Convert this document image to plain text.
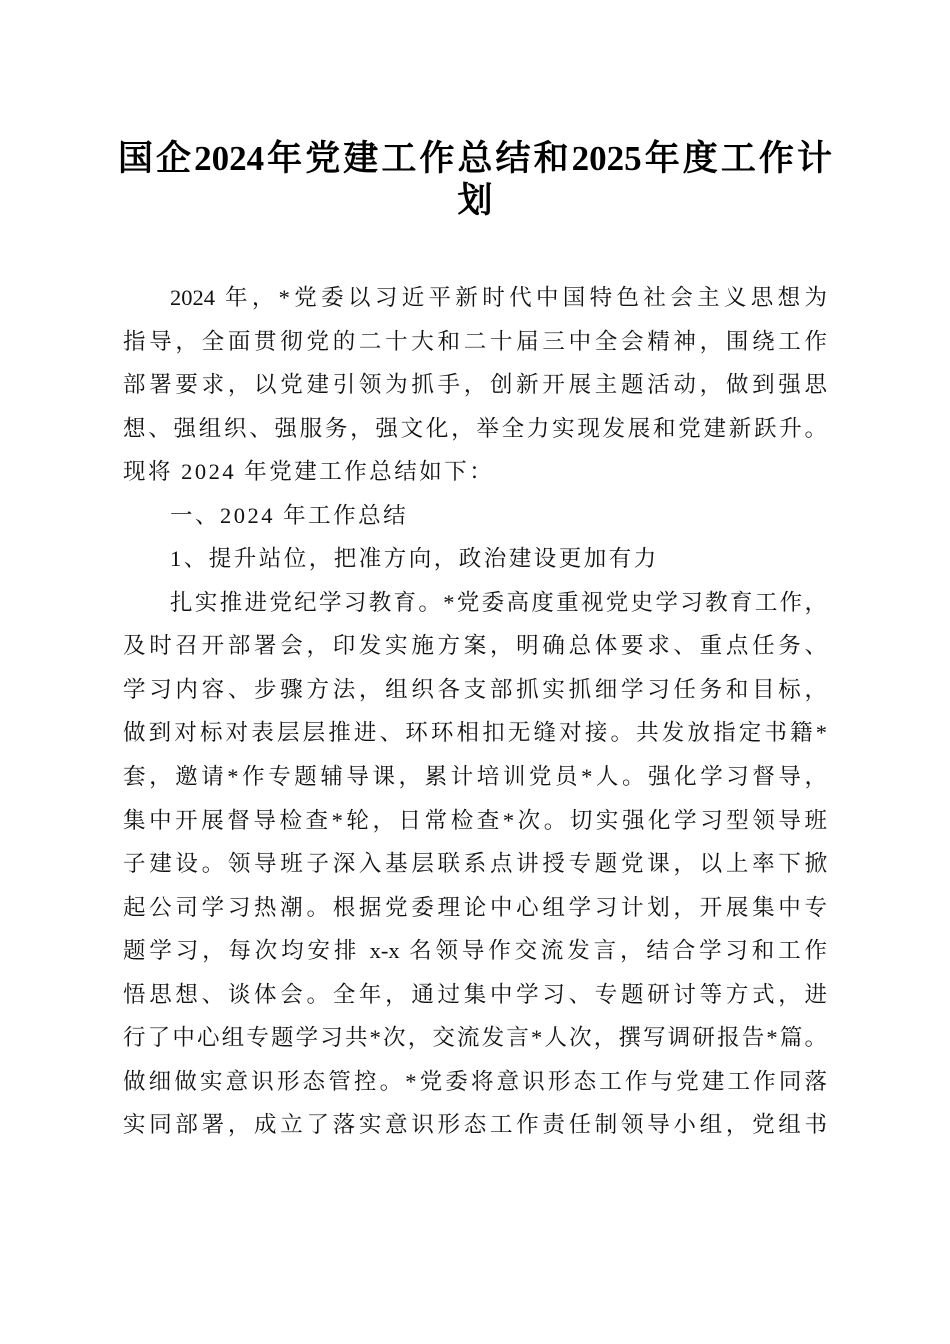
国企2024年党建工作总结和2025年度工作计
划
2024 年，*党委以习近平新时代中国特色社会主义思想为
指导，全面贯彻党的二十大和二十届三中全会精神，围绕工作
部署要求，以党建引领为抓手，创新开展主题活动，做到强思
想、强组织、强服务，强文化，举全力实现发展和党建新跃升。
现将 2024 年党建工作总结如下：
一、2024 年工作总结
1、提升站位，把准方向，政治建设更加有力
扎实推进党纪学习教育。*党委高度重视党史学习教育工作，
及时召开部署会，印发实施方案，明确总体要求、重点任务、
学习内容、步骤方法，组织各支部抓实抓细学习任务和目标，
做到对标对表层层推进、环环相扣无缝对接。共发放指定书籍*
套，邀请*作专题辅导课，累计培训党员*人。强化学习督导，
集中开展督导检查*轮，日常检查*次。切实强化学习型领导班
子建设。领导班子深入基层联系点讲授专题党课，以上率下掀
起公司学习热潮。根据党委理论中心组学习计划，开展集中专
题学习，每次均安排 x-x 名领导作交流发言，结合学习和工作
悟思想、谈体会。全年，通过集中学习、专题研讨等方式，进
行了中心组专题学习共*次，交流发言*人次，撰写调研报告*篇。
做细做实意识形态管控。*党委将意识形态工作与党建工作同落
实同部署，成立了落实意识形态工作责任制领导小组，党组书
